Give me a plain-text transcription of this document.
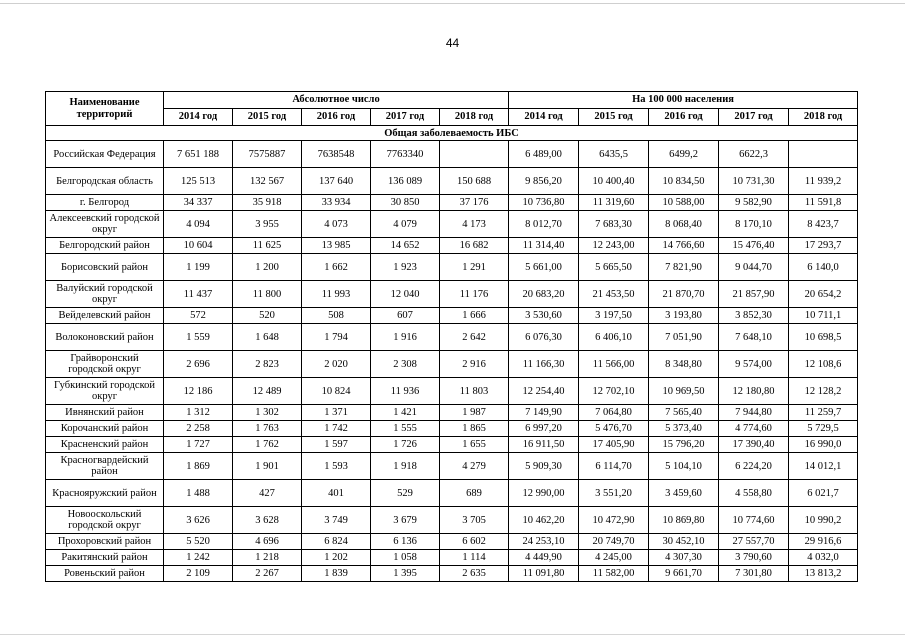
44
Наименование территорий	Абсолютное число					На 100 000 населения				
	2014 год	2015 год	2016 год	2017 год	2018 год	2014 год	2015 год	2016 год	2017 год	2018 год
Общая заболеваемость ИБС										
Российская Федерация	7 651 188	7575887	7638548	7763340		6 489,00	6435,5	6499,2	6622,3	
Белгородская область	125 513	132 567	137 640	136 089	150 688	9 856,20	10 400,40	10 834,50	10 731,30	11 939,2
г. Белгород	34 337	35 918	33 934	30 850	37 176	10 736,80	11 319,60	10 588,00	9 582,90	11 591,8
Алексеевский городской округ	4 094	3 955	4 073	4 079	4 173	8 012,70	7 683,30	8 068,40	8 170,10	8 423,7
Белгородский район	10 604	11 625	13 985	14 652	16 682	11 314,40	12 243,00	14 766,60	15 476,40	17 293,7
Борисовский район	1 199	1 200	1 662	1 923	1 291	5 661,00	5 665,50	7 821,90	9 044,70	6 140,0
Валуйский городской округ	11 437	11 800	11 993	12 040	11 176	20 683,20	21 453,50	21 870,70	21 857,90	20 654,2
Вейделевский район	572	520	508	607	1 666	3 530,60	3 197,50	3 193,80	3 852,30	10 711,1
Волоконовский район	1 559	1 648	1 794	1 916	2 642	6 076,30	6 406,10	7 051,90	7 648,10	10 698,5
Грайворонский городской округ	2 696	2 823	2 020	2 308	2 916	11 166,30	11 566,00	8 348,80	9 574,00	12 108,6
Губкинский городской округ	12 186	12 489	10 824	11 936	11 803	12 254,40	12 702,10	10 969,50	12 180,80	12 128,2
Ивнянский район	1 312	1 302	1 371	1 421	1 987	7 149,90	7 064,80	7 565,40	7 944,80	11 259,7
Корочанский район	2 258	1 763	1 742	1 555	1 865	6 997,20	5 476,70	5 373,40	4 774,60	5 729,5
Красненский район	1 727	1 762	1 597	1 726	1 655	16 911,50	17 405,90	15 796,20	17 390,40	16 990,0
Красногвардейский район	1 869	1 901	1 593	1 918	4 279	5 909,30	6 114,70	5 104,10	6 224,20	14 012,1
Краснояружский район	1 488	427	401	529	689	12 990,00	3 551,20	3 459,60	4 558,80	6 021,7
Новооскольский городской округ	3 626	3 628	3 749	3 679	3 705	10 462,20	10 472,90	10 869,80	10 774,60	10 990,2
Прохоровский район	5 520	4 696	6 824	6 136	6 602	24 253,10	20 749,70	30 452,10	27 557,70	29 916,6
Ракитянский район	1 242	1 218	1 202	1 058	1 114	4 449,90	4 245,00	4 307,30	3 790,60	4 032,0
Ровеньский район	2 109	2 267	1 839	1 395	2 635	11 091,80	11 582,00	9 661,70	7 301,80	13 813,2
